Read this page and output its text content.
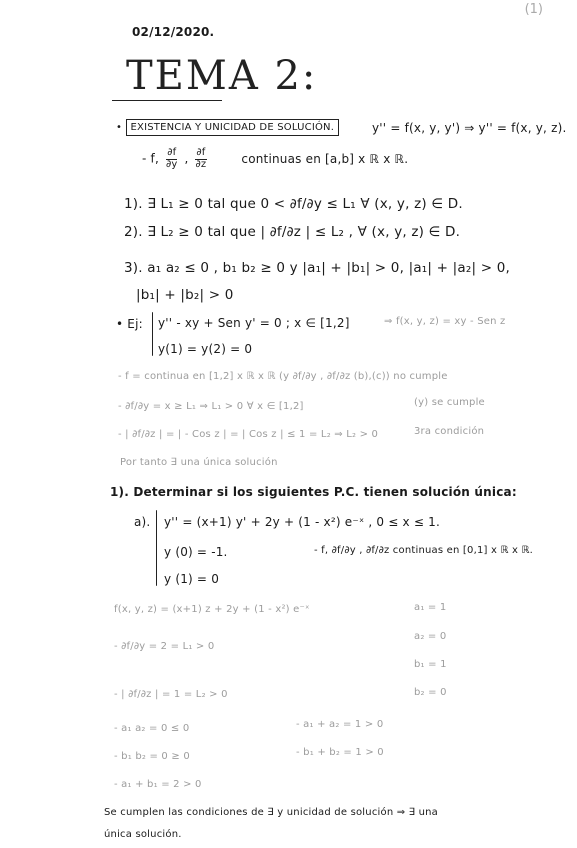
(1)
02/12/2020.
TEMA 2:
• EXISTENCIA Y UNICIDAD DE SOLUCIÓN.	y'' = f(x, y, y') ⇒ y'' = f(x, y, z).
- f, $\frac{\partial f}{\partial y}$ , $\frac{\partial f}{\partial z}$	continuas en [a,b] x ℝ x ℝ.
1). ∃ L₁ ≥ 0 tal que 0 < ∂f/∂y ≤ L₁ ∀ (x, y, z) ∈ D.
2). ∃ L₂ ≥ 0 tal que | ∂f/∂z | ≤ L₂ , ∀ (x, y, z) ∈ D.
3). a₁ a₂ ≤ 0 , b₁ b₂ ≥ 0 y |a₁| + |b₁| > 0, |a₁| + |a₂| > 0,
|b₁| + |b₂| > 0
• Ej: y'' - xy + Sen y' = 0 ; x ∈ [1,2]	⇒ f(x, y, z) = xy - Sen z
y(1) = y(2) = 0
- f = continua en [1,2] x ℝ x ℝ (y ∂f/∂y , ∂f/∂z (b),(c)) no cumple
- ∂f/∂y = x ≥ L₁ ⇒ L₁ > 0 ∀ x ∈ [1,2]	(y) se cumple
- | ∂f/∂z | = | - Cos z | = | Cos z | ≤ 1 = L₂ ⇒ L₂ > 0	3ra condición
Por tanto ∃ una única solución
1). Determinar si los siguientes P.C. tienen solución única:
a). y'' = (x+1) y' + 2y + (1 - x²) e⁻ˣ , 0 ≤ x ≤ 1.
y (0) = -1.	- f, ∂f/∂y , ∂f/∂z continuas en [0,1] x ℝ x ℝ.
y (1) = 0
f(x, y, z) = (x+1) z + 2y + (1 - x²) e⁻ˣ	a₁ = 1
a₂ = 0
b₁ = 1
b₂ = 0
- ∂f/∂y = 2 = L₁ > 0
- | ∂f/∂z | = 1 = L₂ > 0
- a₁ a₂ = 0 ≤ 0	- a₁ + a₂ = 1 > 0
- b₁ b₂ = 0 ≥ 0	- b₁ + b₂ = 1 > 0
- a₁ + b₁ = 2 > 0
Se cumplen las condiciones de ∃ y unicidad de solución ⇒ ∃ una
única solución.
